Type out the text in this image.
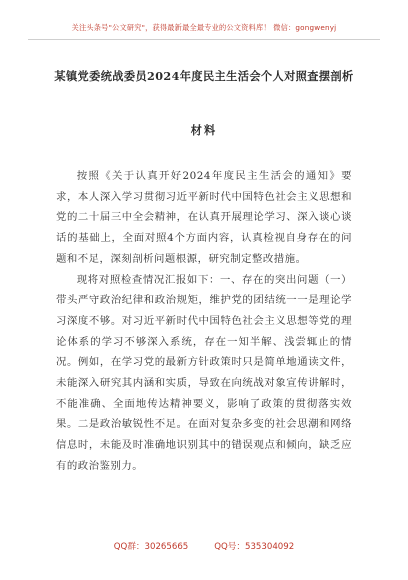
关注头条号"公文研究"，获得最新最全最专业的公文资料库！ 微信：gongwenyj
某镇党委统战委员2024年度民主生活会个人对照查摆剖析
材料

按照《关于认真开好2024年度民主生活会的通知》要求，本人深入学习贯彻习近平新时代中国特色社会主义思想和党的二十届三中全会精神，在认真开展理论学习、深入谈心谈话的基础上，全面对照4个方面内容，认真检视自身存在的问题和不足，深刻剖析问题根源，研究制定整改措施。

现将对照检查情况汇报如下：一、存在的突出问题（一）带头严守政治纪律和政治规矩，维护党的团结统一一是理论学习深度不够。对习近平新时代中国特色社会主义思想等党的理论体系的学习不够深入系统，存在一知半解、浅尝辄止的情况。例如，在学习党的最新方针政策时只是简单地通读文件，未能深入研究其内涵和实质，导致在向统战对象宣传讲解时，不能准确、全面地传达精神要义，影响了政策的贯彻落实效果。二是政治敏锐性不足。在面对复杂多变的社会思潮和网络信息时，未能及时准确地识别其中的错误观点和倾向，缺乏应有的政治鉴别力。

QQ群：30265665	QQ号：535304092
